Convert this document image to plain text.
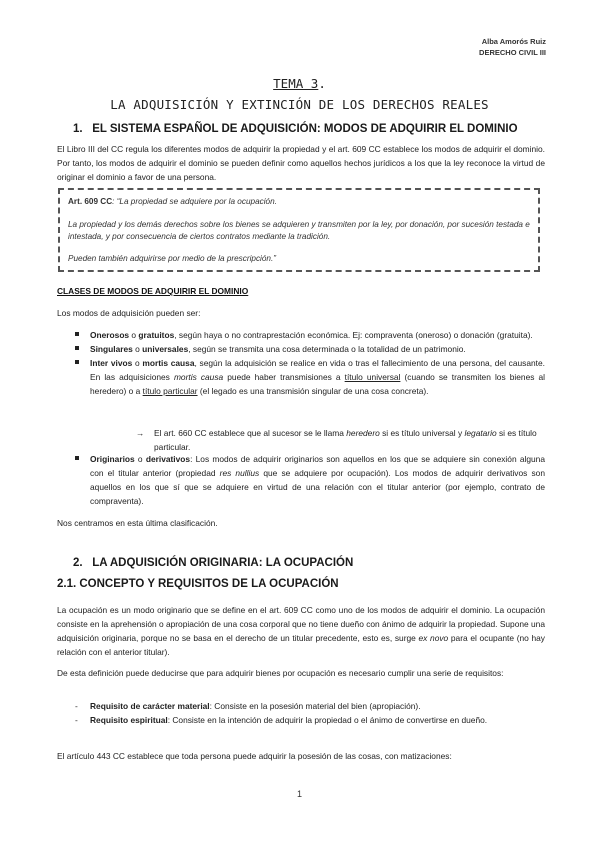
Alba Amorós Ruiz
DERECHO CIVIL III
TEMA 3.
LA ADQUISICIÓN Y EXTINCIÓN DE LOS DERECHOS REALES
1. EL SISTEMA ESPAÑOL DE ADQUISICIÓN: MODOS DE ADQUIRIR EL DOMINIO
El Libro III del CC regula los diferentes modos de adquirir la propiedad y el art. 609 CC establece los modos de adquirir el dominio. Por tanto, los modos de adquirir el dominio se pueden definir como aquellos hechos jurídicos a los que la ley reconoce la virtud de originar el dominio a favor de una persona.

Art. 609 CC: “La propiedad se adquiere por la ocupación.

La propiedad y los demás derechos sobre los bienes se adquieren y transmiten por la ley, por donación, por sucesión testada e intestada, y por consecuencia de ciertos contratos mediante la tradición.

Pueden también adquirirse por medio de la prescripción.”

CLASES DE MODOS DE ADQUIRIR EL DOMINIO
Los modos de adquisición pueden ser:
Onerosos o gratuitos, según haya o no contraprestación económica. Ej: compraventa (oneroso) o donación (gratuita).
Singulares o universales, según se transmita una cosa determinada o la totalidad de un patrimonio.
Inter vivos o mortis causa, según la adquisición se realice en vida o tras el fallecimiento de una persona, del causante. En las adquisiciones mortis causa puede haber transmisiones a título universal (cuando se transmiten los bienes al heredero) o a título particular (el legado es una transmisión singular de una cosa concreta).
→ El art. 660 CC establece que al sucesor se le llama heredero si es título universal y legatario si es título particular.
Originarios o derivativos: Los modos de adquirir originarios son aquellos en los que se adquiere sin conexión alguna con el titular anterior (propiedad res nullius que se adquiere por ocupación). Los modos de adquirir derivativos son aquellos en los que sí que se adquiere en virtud de una relación con el titular anterior (por ejemplo, contrato de compraventa).
Nos centramos en esta última clasificación.
2. LA ADQUISICIÓN ORIGINARIA: LA OCUPACIÓN
2.1. CONCEPTO Y REQUISITOS DE LA OCUPACIÓN
La ocupación es un modo originario que se define en el art. 609 CC como uno de los modos de adquirir el dominio. La ocupación consiste en la aprehensión o apropiación de una cosa corporal que no tiene dueño con ánimo de adquirir la propiedad. Supone una adquisición originaria, porque no se basa en el derecho de un titular precedente, esto es, surge ex novo para el ocupante (no hay relación con el anterior titular).
De esta definición puede deducirse que para adquirir bienes por ocupación es necesario cumplir una serie de requisitos:
- Requisito de carácter material: Consiste en la posesión material del bien (apropiación).
- Requisito espiritual: Consiste en la intención de adquirir la propiedad o el ánimo de convertirse en dueño.
El artículo 443 CC establece que toda persona puede adquirir la posesión de las cosas, con matizaciones:
1
